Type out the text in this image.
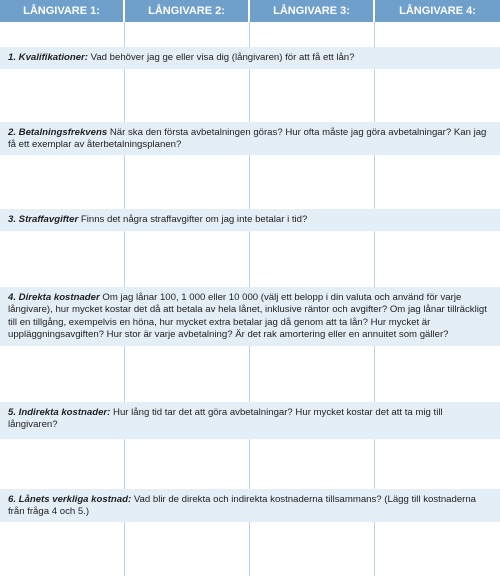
LÅNGIVARE 1:	LÅNGIVARE 2:	LÅNGIVARE 3:	LÅNGIVARE 4:
1. Kvalifikationer: Vad behöver jag ge eller visa dig (långivaren) för att få ett lån?
2. Betalningsfrekvens När ska den första avbetalningen göras? Hur ofta måste jag göra avbetalningar? Kan jag få ett exemplar av återbetalningsplanen?
3. Straffavgifter Finns det några straffavgifter om jag inte betalar i tid?
4. Direkta kostnader Om jag lånar 100, 1 000 eller 10 000 (välj ett belopp i din valuta och använd för varje långivare), hur mycket kostar det då att betala av hela lånet, inklusive räntor och avgifter? Om jag lånar tillräckligt till en tillgång, exempelvis en höna, hur mycket extra betalar jag då genom att ta lån? Hur mycket är uppläggningsavgiften? Hur stor är varje avbetalning? Är det rak amortering eller en annuitet som gäller?
5. Indirekta kostnader: Hur lång tid tar det att göra avbetalningar? Hur mycket kostar det att ta mig till långivaren?
6. Lånets verkliga kostnad: Vad blir de direkta och indirekta kostnaderna tillsammans? (Lägg till kostnaderna från fråga 4 och 5.)
